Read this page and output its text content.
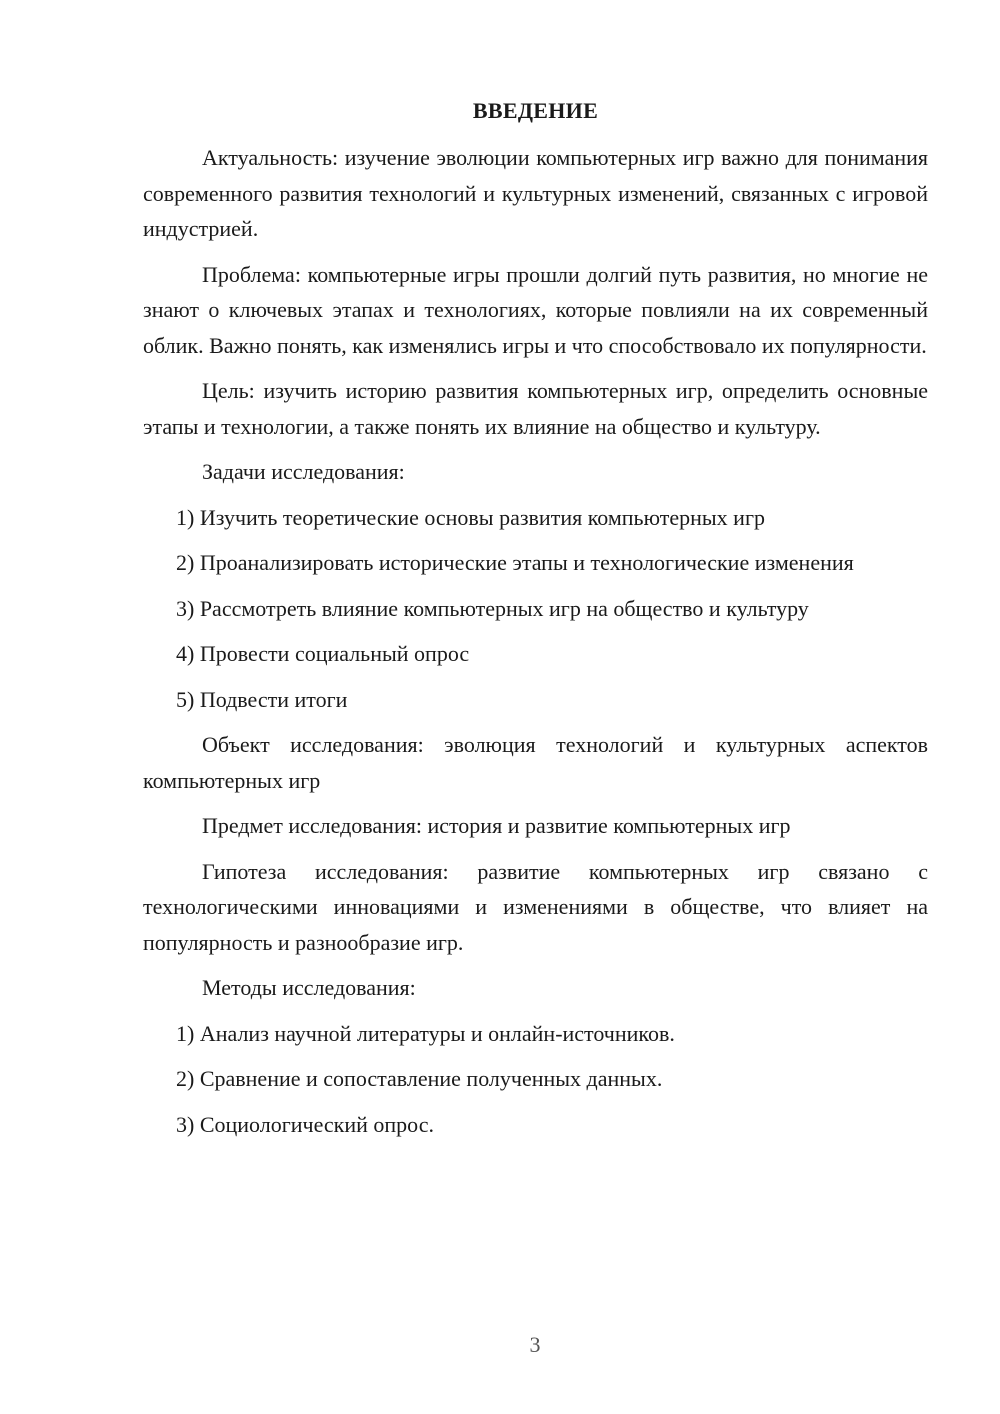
ВВЕДЕНИЕ

Актуальность: изучение эволюции компьютерных игр важно для понимания современного развития технологий и культурных изменений, связанных с игровой индустрией.

Проблема: компьютерные игры прошли долгий путь развития, но многие не знают о ключевых этапах и технологиях, которые повлияли на их современный облик. Важно понять, как изменялись игры и что способствовало их популярности.

Цель: изучить историю развития компьютерных игр, определить основные этапы и технологии, а также понять их влияние на общество и культуру.

Задачи исследования:

1) Изучить теоретические основы развития компьютерных игр

2) Проанализировать исторические этапы и технологические изменения

3) Рассмотреть влияние компьютерных игр на общество и культуру

4) Провести социальный опрос

5) Подвести итоги

Объект исследования: эволюция технологий и культурных аспектов компьютерных игр

Предмет исследования: история и развитие компьютерных игр

Гипотеза исследования: развитие компьютерных игр связано с технологическими инновациями и изменениями в обществе, что влияет на популярность и разнообразие игр.

Методы исследования:

1) Анализ научной литературы и онлайн-источников.

2) Сравнение и сопоставление полученных данных.

3) Социологический опрос.

3
